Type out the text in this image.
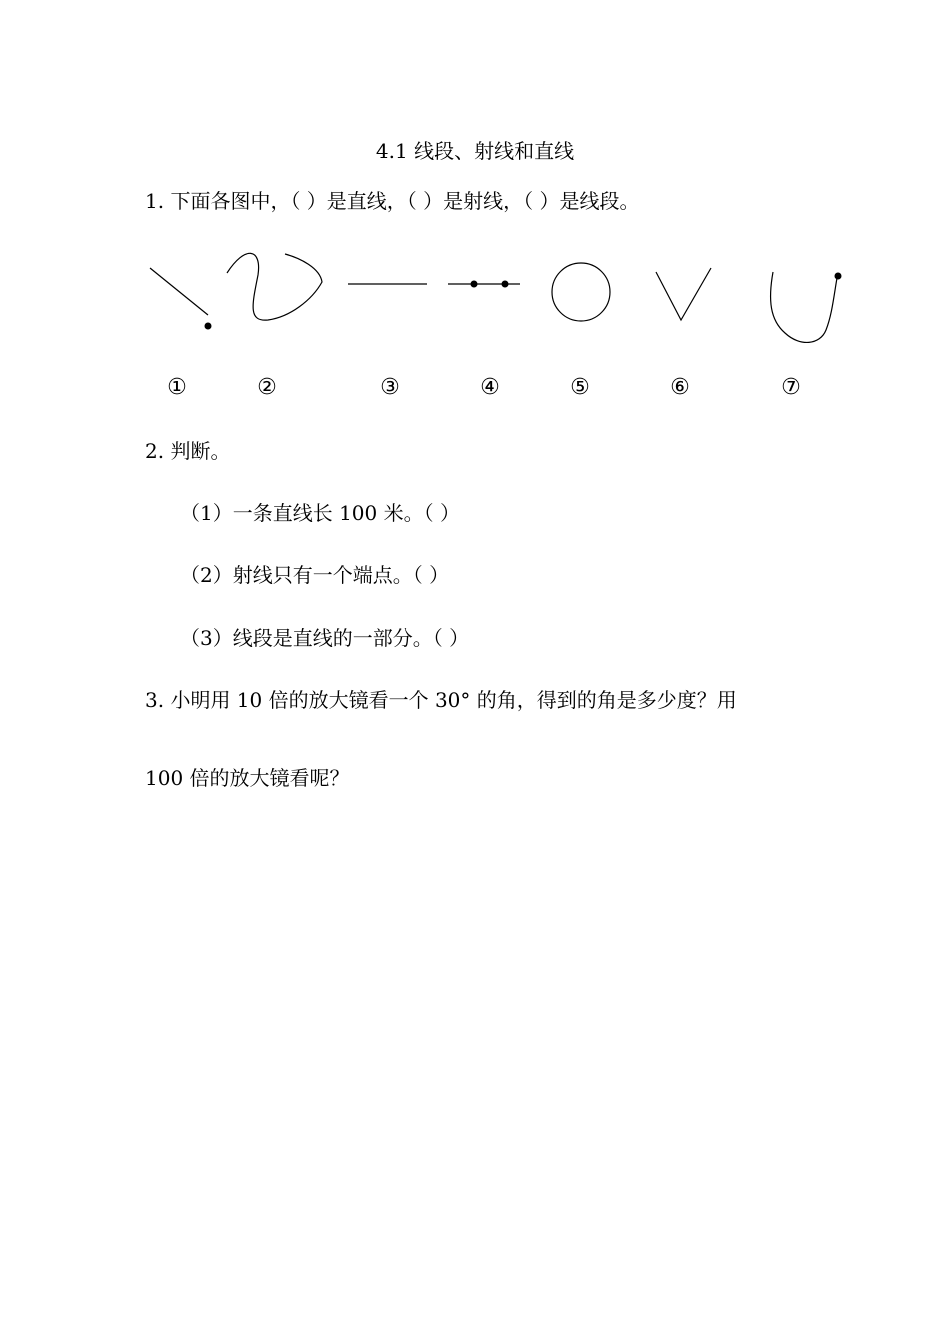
4.1 线段、射线和直线
1. 下面各图中，（ ）是直线，（ ）是射线，（ ）是线段。
①	②	③	④	⑤	⑥	⑦
2. 判断。
（1）一条直线长 100 米。（ ）
（2）射线只有一个端点。（ ）
（3）线段是直线的一部分。（ ）
3. 小明用 10 倍的放大镜看一个 30° 的角，得到的角是多少度？用
100 倍的放大镜看呢？
